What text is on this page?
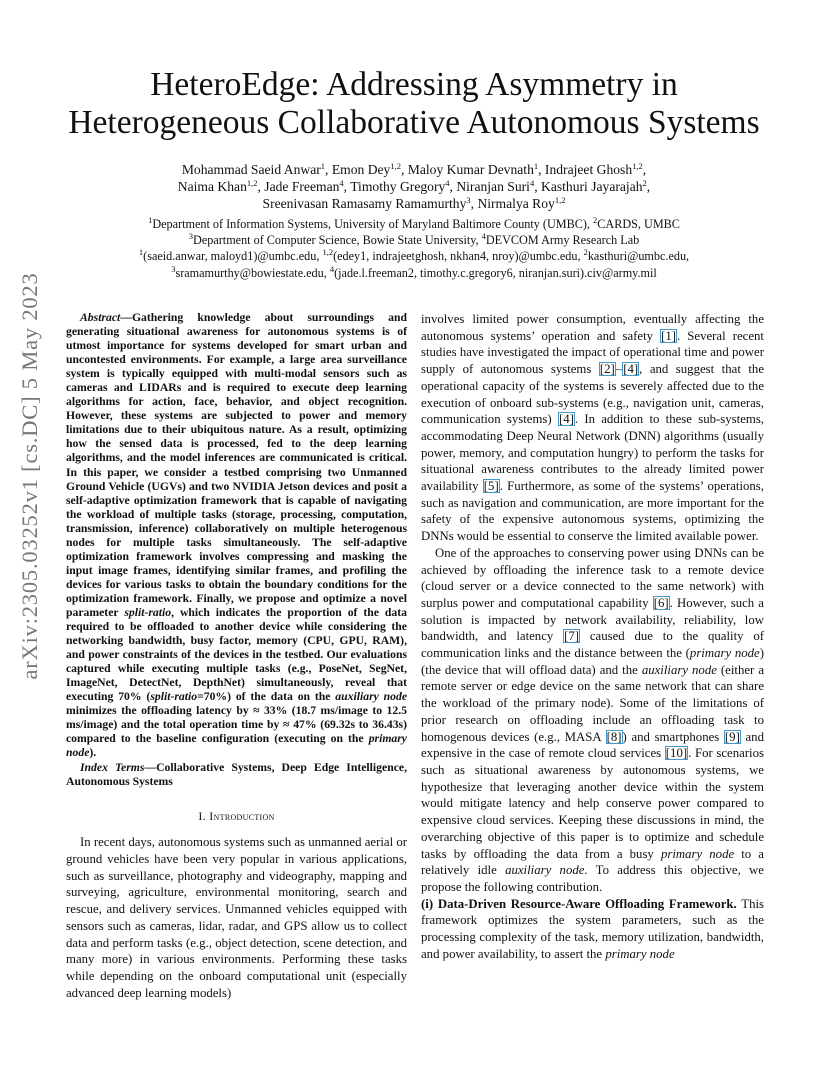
arXiv:2305.03252v1 [cs.DC] 5 May 2023
HeteroEdge: Addressing Asymmetry in
Heterogeneous Collaborative Autonomous Systems
Mohammad Saeid Anwar$^1$, Emon Dey$^{1,2}$, Maloy Kumar Devnath$^1$, Indrajeet Ghosh$^{1,2}$,
Naima Khan$^{1,2}$, Jade Freeman$^4$, Timothy Gregory$^4$, Niranjan Suri$^4$, Kasthuri Jayarajah$^2$,
Sreenivasan Ramasamy Ramamurthy$^3$, Nirmalya Roy$^{1,2}$
$^1$Department of Information Systems, University of Maryland Baltimore County (UMBC), $^2$CARDS, UMBC
$^3$Department of Computer Science, Bowie State University, $^4$DEVCOM Army Research Lab
$^1$(saeid.anwar, maloyd1)@umbc.edu, $^{1,2}$(edey1, indrajeetghosh, nkhan4, nroy)@umbc.edu, $^2$kasthuri@umbc.edu,
$^3$sramamurthy@bowiestate.edu, $^4$(jade.l.freeman2, timothy.c.gregory6, niranjan.suri).civ@army.mil

Abstract—Gathering knowledge about surroundings and generating situational awareness for autonomous systems is of utmost importance for systems developed for smart urban and uncontested environments. For example, a large area surveillance system is typically equipped with multi-modal sensors such as cameras and LIDARs and is required to execute deep learning algorithms for action, face, behavior, and object recognition. However, these systems are subjected to power and memory limitations due to their ubiquitous nature. As a result, optimizing how the sensed data is processed, fed to the deep learning algorithms, and the model inferences are communicated is critical. In this paper, we consider a testbed comprising two Unmanned Ground Vehicle (UGVs) and two NVIDIA Jetson devices and posit a self-adaptive optimization framework that is capable of navigating the workload of multiple tasks (storage, processing, computation, transmission, inference) collaboratively on multiple heterogenous nodes for multiple tasks simultaneously. The self-adaptive optimization framework involves compressing and masking the input image frames, identifying similar frames, and profiling the devices for various tasks to obtain the boundary conditions for the optimization framework. Finally, we propose and optimize a novel parameter split-ratio, which indicates the proportion of the data required to be offloaded to another device while considering the networking bandwidth, busy factor, memory (CPU, GPU, RAM), and power constraints of the devices in the testbed. Our evaluations captured while executing multiple tasks (e.g., PoseNet, SegNet, ImageNet, DetectNet, DepthNet) simultaneously, reveal that executing 70% (split-ratio=70%) of the data on the auxiliary node minimizes the offloading latency by ≈ 33% (18.7 ms/image to 12.5 ms/image) and the total operation time by ≈ 47% (69.32s to 36.43s) compared to the baseline configuration (executing on the primary node).

Index Terms—Collaborative Systems, Deep Edge Intelligence, Autonomous Systems

I. Introduction

In recent days, autonomous systems such as unmanned aerial or ground vehicles have been very popular in various applications, such as surveillance, photography and videography, mapping and surveying, agriculture, environmental monitoring, search and rescue, and delivery services. Unmanned vehicles equipped with sensors such as cameras, lidar, radar, and GPS allow us to collect data and perform tasks (e.g., object detection, scene detection, and many more) in various environments. Performing these tasks while depending on the onboard computational unit (especially advanced deep learning models)

involves limited power consumption, eventually affecting the autonomous systems’ operation and safety [1]. Several recent studies have investigated the impact of operational time and power supply of autonomous systems [2]–[4], and suggest that the operational capacity of the systems is severely affected due to the execution of onboard sub-systems (e.g., navigation unit, cameras, communication systems) [4]. In addition to these sub-systems, accommodating Deep Neural Network (DNN) algorithms (usually power, memory, and computation hungry) to perform the tasks for situational awareness contributes to the already limited power availability [5]. Furthermore, as some of the systems’ operations, such as navigation and communication, are more important for the safety of the expensive autonomous systems, optimizing the DNNs would be essential to conserve the limited available power.

One of the approaches to conserving power using DNNs can be achieved by offloading the inference task to a remote device (cloud server or a device connected to the same network) with surplus power and computational capability [6]. However, such a solution is impacted by network availability, reliability, low bandwidth, and latency [7] caused due to the quality of communication links and the distance between the (primary node) (the device that will offload data) and the auxiliary node (either a remote server or edge device on the same network that can share the workload of the primary node). Some of the limitations of prior research on offloading include an offloading task to homogenous devices (e.g., MASA [8]) and smartphones [9] and expensive in the case of remote cloud services [10]. For scenarios such as situational awareness by autonomous systems, we hypothesize that leveraging another device within the system would mitigate latency and help conserve power compared to expensive cloud services. Keeping these discussions in mind, the overarching objective of this paper is to optimize and schedule tasks by offloading the data from a busy primary node to a relatively idle auxiliary node. To address this objective, we propose the following contribution.

(i) Data-Driven Resource-Aware Offloading Framework. This framework optimizes the system parameters, such as the processing complexity of the task, memory utilization, bandwidth, and power availability, to assert the primary node
